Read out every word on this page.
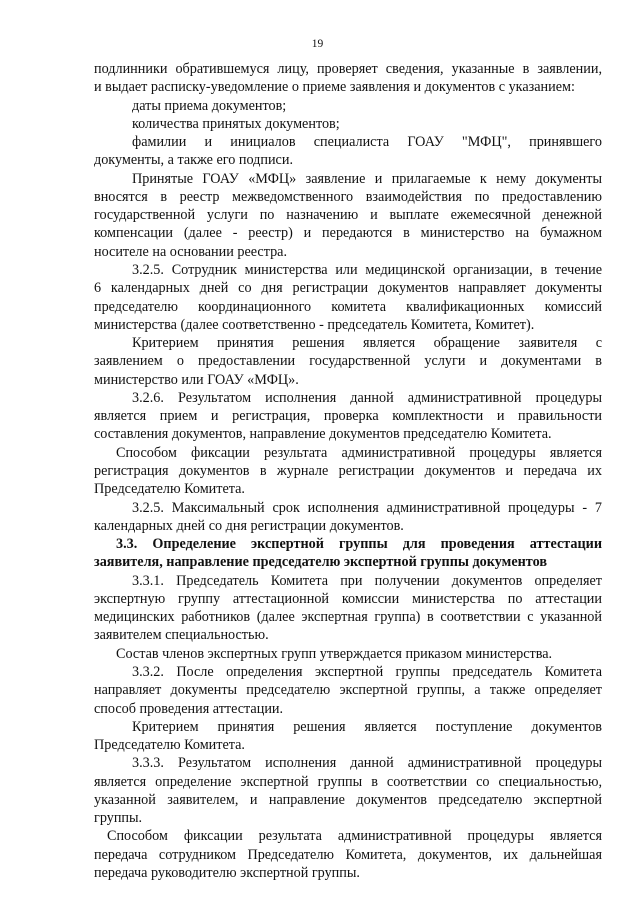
19
подлинники обратившемуся лицу, проверяет сведения, указанные в заявлении,
и выдает расписку-уведомление о приеме заявления и документов с указанием:
даты приема документов;
количества принятых документов;
фамилии и инициалов специалиста ГОАУ "МФЦ", принявшего
документы, а также его подписи.
Принятые ГОАУ «МФЦ» заявление и прилагаемые к нему документы
вносятся в реестр межведомственного взаимодействия по предоставлению
государственной услуги по назначению и выплате ежемесячной денежной
компенсации (далее - реестр) и передаются в министерство на бумажном
носителе на основании реестра.
3.2.5. Сотрудник министерства или медицинской организации, в течение
6 календарных дней со дня регистрации документов направляет документы
председателю координационного комитета квалификационных комиссий
министерства (далее соответственно - председатель Комитета, Комитет).
Критерием принятия решения является обращение заявителя с
заявлением о предоставлении государственной услуги и документами в
министерство или ГОАУ «МФЦ».
3.2.6. Результатом исполнения данной административной процедуры
является прием и регистрация, проверка комплектности и правильности
составления документов, направление документов председателю Комитета.
Способом фиксации результата административной процедуры является
регистрация документов в журнале регистрации документов и передача их
Председателю Комитета.
3.2.5. Максимальный срок исполнения административной процедуры - 7
календарных дней со дня регистрации документов.
3.3. Определение экспертной группы для проведения аттестации
заявителя, направление председателю экспертной группы документов
3.3.1. Председатель Комитета при получении документов определяет
экспертную группу аттестационной комиссии министерства по аттестации
медицинских работников (далее экспертная группа) в соответствии с указанной
заявителем специальностью.
Состав членов экспертных групп утверждается приказом министерства.
3.3.2. После определения экспертной группы председатель Комитета
направляет документы председателю экспертной группы, а также определяет
способ проведения аттестации.
Критерием принятия решения является поступление документов
Председателю Комитета.
3.3.3. Результатом исполнения данной административной процедуры
является определение экспертной группы в соответствии со специальностью,
указанной заявителем, и направление документов председателю экспертной
группы.
Способом фиксации результата административной процедуры является
передача сотрудником Председателю Комитета, документов, их дальнейшая
передача руководителю экспертной группы.
